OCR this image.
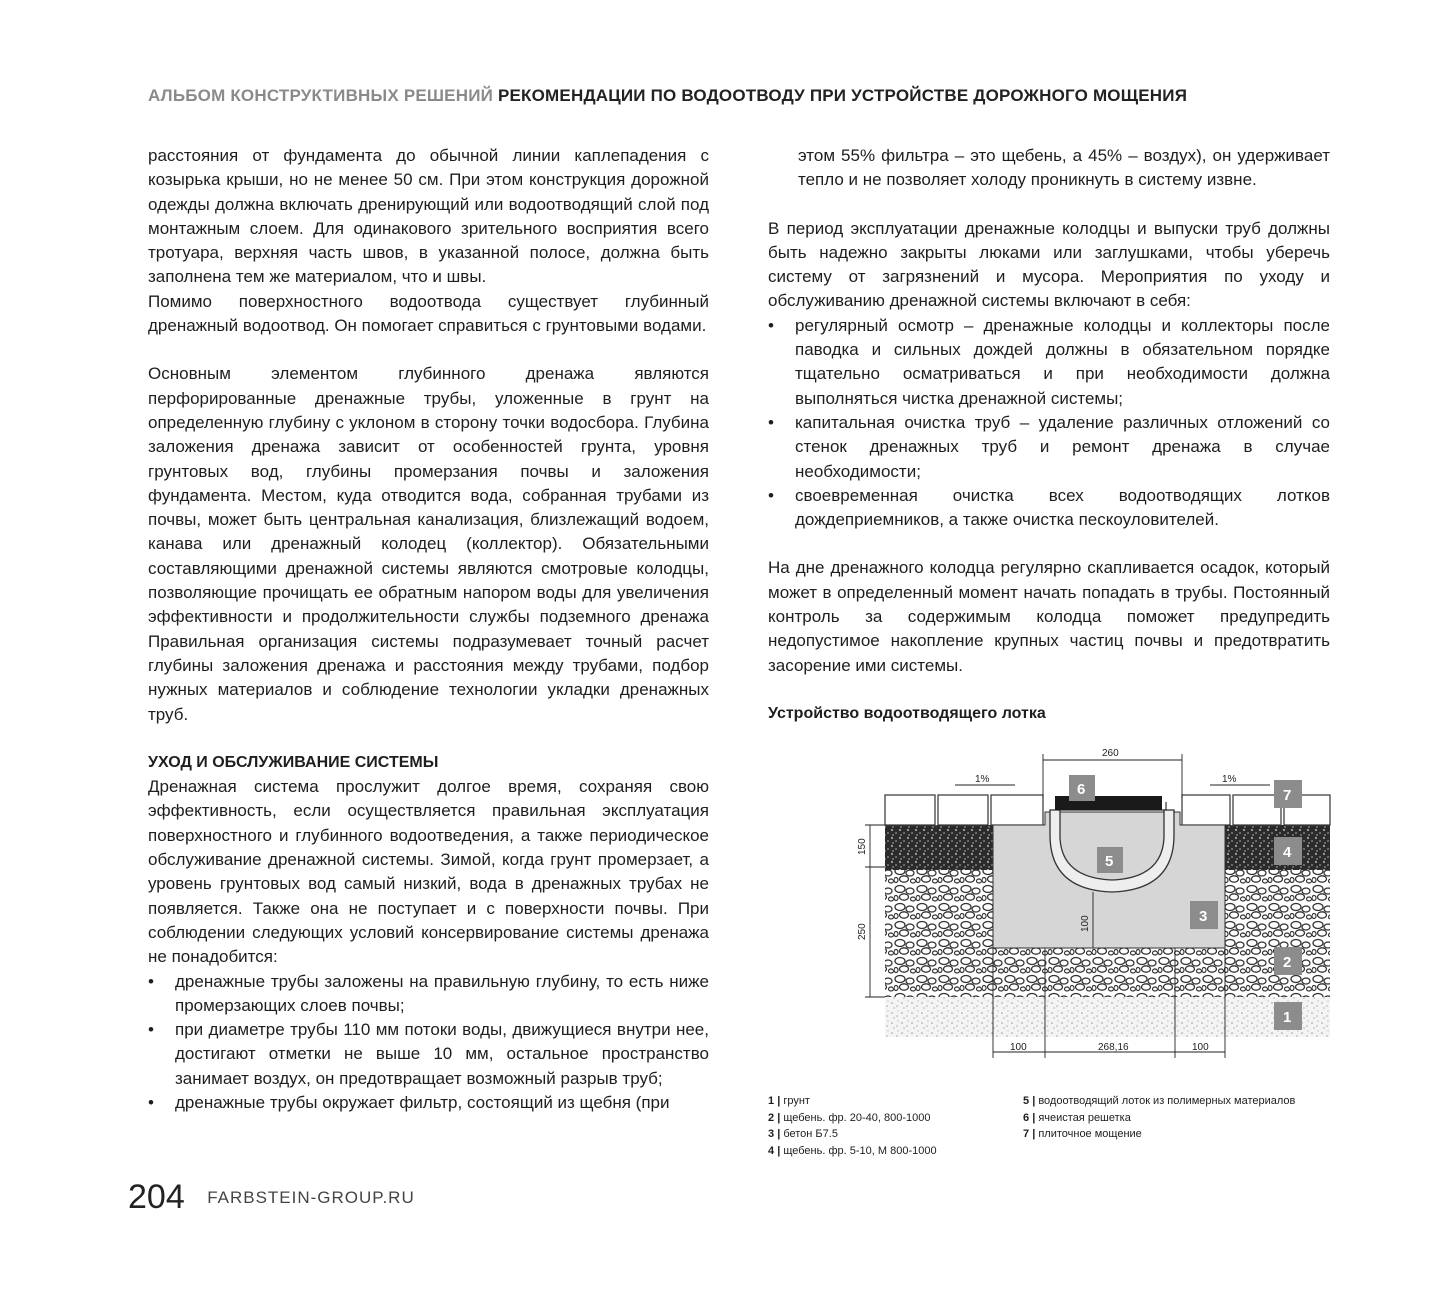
АЛЬБОМ КОНСТРУКТИВНЫХ РЕШЕНИЙ РЕКОМЕНДАЦИИ ПО ВОДООТВОДУ ПРИ УСТРОЙСТВЕ ДОРОЖНОГО МОЩЕНИЯ

расстояния от фундамента до обычной линии каплепадения с козырька крыши, но не менее 50 см. При этом конструкция дорожной одежды должна включать дренирующий или водоотводящий слой под монтажным слоем. Для одинакового зрительного восприятия всего тротуара, верхняя часть швов, в указанной полосе, должна быть заполнена тем же материалом, что и швы.

Помимо поверхностного водоотвода существует глубинный дренажный водоотвод. Он помогает справиться с грунтовыми водами.

Основным элементом глубинного дренажа являются перфорированные дренажные трубы, уложенные в грунт на определенную глубину с уклоном в сторону точки водосбора. Глубина заложения дренажа зависит от особенностей грунта, уровня грунтовых вод, глубины промерзания почвы и заложения фундамента. Местом, куда отводится вода, собранная трубами из почвы, может быть центральная канализация, близлежащий водоем, канава или дренажный колодец (коллектор). Обязательными составляющими дренажной системы являются смотровые колодцы, позволяющие прочищать ее обратным напором воды для увеличения эффективности и продолжительности службы подземного дренажа Правильная организация системы подразумевает точный расчет глубины заложения дренажа и расстояния между трубами, подбор нужных материалов и соблюдение технологии укладки дренажных труб.

УХОД И ОБСЛУЖИВАНИЕ СИСТЕМЫ

Дренажная система прослужит долгое время, сохраняя свою эффективность, если осуществляется правильная эксплуатация поверхностного и глубинного водоотведения, а также периодическое обслуживание дренажной системы. Зимой, когда грунт промерзает, а уровень грунтовых вод самый низкий, вода в дренажных трубах не появляется. Также она не поступает и с поверхности почвы. При соблюдении следующих условий консервирование системы дренажа не понадобится:

• дренажные трубы заложены на правильную глубину, то есть ниже промерзающих слоев почвы;
• при диаметре трубы 110 мм потоки воды, движущиеся внутри нее, достигают отметки не выше 10 мм, остальное пространство занимает воздух, он предотвращает возможный разрыв труб;
• дренажные трубы окружает фильтр, состоящий из щебня (при

этом 55% фильтра – это щебень, а 45% – воздух), он удерживает тепло и не позволяет холоду проникнуть в систему извне.

В период эксплуатации дренажные колодцы и выпуски труб должны быть надежно закрыты люками или заглушками, чтобы уберечь систему от загрязнений и мусора. Мероприятия по уходу и обслуживанию дренажной системы включают в себя:

• регулярный осмотр – дренажные колодцы и коллекторы после паводка и сильных дождей должны в обязательном порядке тщательно осматриваться и при необходимости должна выполняться чистка дренажной системы;
• капитальная очистка труб – удаление различных отложений со стенок дренажных труб и ремонт дренажа в случае необходимости;
• своевременная очистка всех водоотводящих лотков дождеприемников, а также очистка пескоуловителей.

На дне дренажного колодца регулярно скапливается осадок, который может в определенный момент начать попадать в трубы. Постоянный контроль за содержимым колодца поможет предупредить недопустимое накопление крупных частиц почвы и предотвратить засорение ими системы.

Устройство водоотводящего лотка
260
1%	1%
150
250	100
100	268,16	100
6
5
3
7
4
2
1
1 | грунт
2 | щебень. фр. 20-40, 800-1000
3 | бетон Б7.5
4 | щебень. фр. 5-10, М 800-1000
5 | водоотводящий лоток из полимерных материалов
6 | ячеистая решетка
7 | плиточное мощение
204 FARBSTEIN-GROUP.RU
